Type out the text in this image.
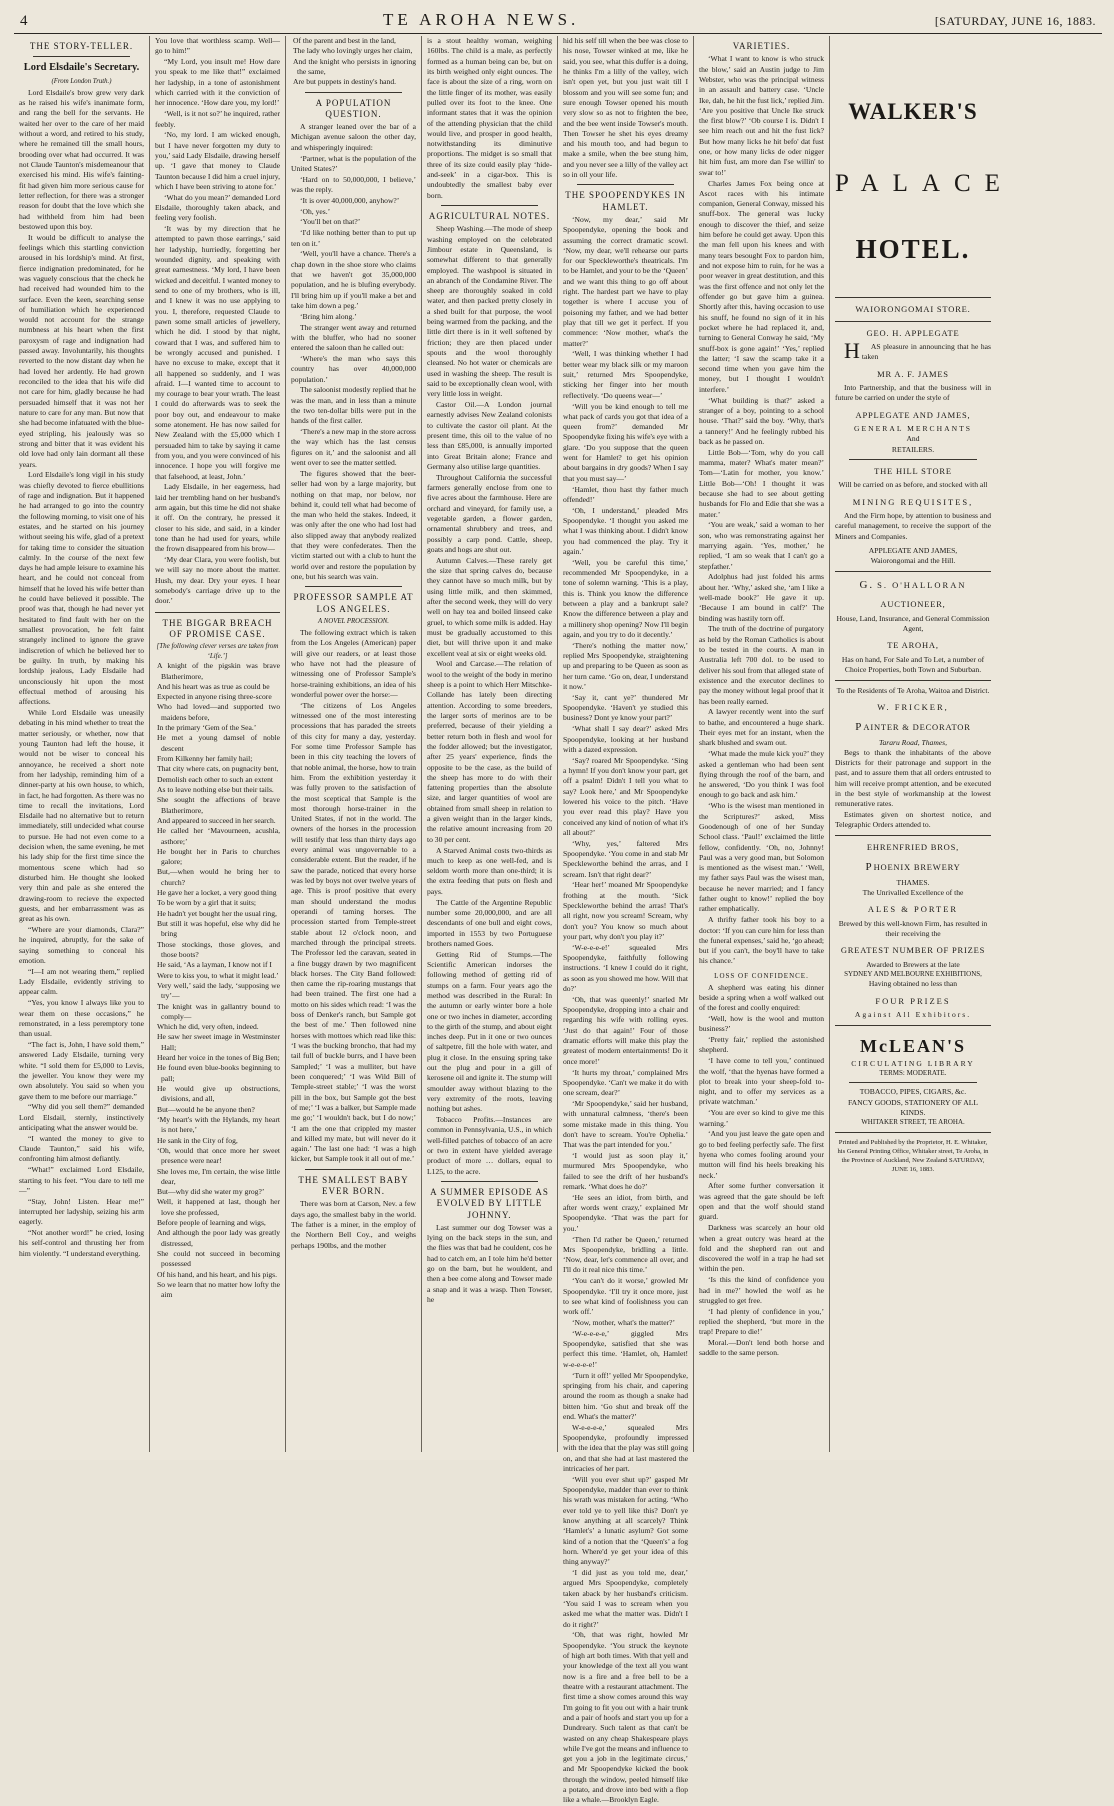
4	TE AROHA NEWS.	[SATURDAY, JUNE 16, 1883.
THE STORY-TELLER.
Lord Elsdaile's Secretary.
(From London Truth.)

Lord Elsdaile's brow grew very dark as he raised his wife's inanimate form, and rang the bell for the servants. He waited her over to the care of her maid without a word, and retired to his study, where he remained till the small hours, brooding over what had occurred. It was not Claude Taunton's misdemeanour that exercised his mind. His wife's fainting-fit had given him more serious cause for letter reflection, for there was a stronger reason for doubt that the love which she had withheld from him had been bestowed upon this boy.

It would be difficult to analyse the feelings which this startling conviction aroused in his lordship's mind. At first, fierce indignation predominated, for he was vaguely conscious that the check he had received had wounded him to the surface. Even the keen, searching sense of humiliation which he experienced would not account for the strange numbness at his heart when the first paroxysm of rage and indignation had passed away. Involuntarily, his thoughts reverted to the now distant day when he had loved her ardently. He had grown reconciled to the idea that his wife did not care for him, gladly because he had persuaded himself that it was not her nature to care for any man. But now that she had become infatuated with the blue-eyed stripling, his jealously was so strong and bitter that it was evident his old love had only lain dormant all these years.

Lord Elsdaile's long vigil in his study was chiefly devoted to fierce ebullitions of rage and indignation. But it happened he had arranged to go into the country the following morning, to visit one of his estates, and he started on his journey without seeing his wife, glad of a pretext for taking time to consider the situation calmly. In the course of the next few days he had ample leisure to examine his heart, and he could not conceal from himself that he loved his wife better than he could have believed it possible. The proof was that, though he had never yet hesitated to find fault with her on the smallest provocation, he felt faint strangely inclined to ignore the grave indiscretion of which he believed her to be guilty. In truth, by making his lordship jealous, Lady Elsdaile had unconsciously hit upon the most effectual method of arousing his affections.

While Lord Elsdaile was uneasily debating in his mind whether to treat the matter seriously, or whether, now that young Taunton had left the house, it would not be wiser to conceal his annoyance, he received a short note from her ladyship, reminding him of a dinner-party at his own house, to which, in fact, he had forgotten. As there was no time to recall the invitations, Lord Elsdaile had no alternative but to return immediately, still undecided what course to pursue. He had not even come to a decision when, the same evening, he met his lady ship for the first time since the momentous scene which had so disturbed him. He thought she looked very thin and pale as she entered the drawing-room to recieve the expected guests, and her embarrassment was as great as his own.

“Where are your diamonds, Clara?” he inquired, abruptly, for the sake of saying something to conceal his emotion.

“I—I am not wearing them,” replied Lady Elsdaile, evidently striving to appear calm.

“Yes, you know I always like you to wear them on these occasions,” he remonstrated, in a less peremptory tone than usual.

“The fact is, John, I have sold them,” answered Lady Elsdaile, turning very white. “I sold them for £5,000 to Levis, the jeweller. You know they were my own absolutely. You said so when you gave them to me before our marriage.”

“Why did you sell them?” demanded Lord Elsdail, sternly, instinctively anticipating what the answer would be.

“I wanted the money to give to Claude Taunton,” said his wife, confronting him almost defiantly.

“What!” exclaimed Lord Elsdaile, starting to his feet. “You dare to tell me—”

“Stay, John! Listen. Hear me!” interrupted her ladyship, seizing his arm eagerly.

“Not another word!” he cried, losing his self-control and thrusting her from him violently. “I understand everything.

You love that worthless scamp. Well—go to him!”

“My Lord, you insult me! How dare you speak to me like that!” exclaimed her ladyship, in a tone of astonishment which carried with it the conviction of her innocence. ‘How dare you, my lord!’

‘Well, is it not so?’ he inquired, rather feebly.

‘No, my lord. I am wicked enough, but I have never forgotten my duty to you,’ said Lady Elsdaile, drawing herself up. ‘I gave that money to Claude Taunton because I did him a cruel injury, which I have been striving to atone for.’

‘What do you mean?’ demanded Lord Elsdaile, thoroughly taken aback, and feeling very foolish.

‘It was by my direction that he attempted to pawn those earrings,’ said her ladyship, hurriedly, forgetting her wounded dignity, and speaking with great earnestness. ‘My lord, I have been wicked and deceitful. I wanted money to send to one of my brothers, who is ill, and I knew it was no use applying to you. I, therefore, requested Claude to pawn some small articles of jewellery, which he did. I stood by that night, coward that I was, and suffered him to be wrongly accused and punished. I have no excuse to make, except that it all happened so suddenly, and I was afraid. I—I wanted time to account to my courage to bear your wrath. The least I could do afterwards was to seek the poor boy out, and endeavour to make some atonement. He has now sailed for New Zealand with the £5,000 which I persuaded him to take by saying it came from you, and you were convinced of his innocence. I hope you will forgive me that falsehood, at least, John.’

Lady Elsdaile, in her eagerness, had laid her trembling hand on her husband's arm again, but this time he did not shake it off. On the contrary, he pressed it closer to his side, and said, in a kinder tone than he had used for years, while the frown disappeared from his brow—

‘My dear Clara, you were foolish, but we will say no more about the matter. Hush, my dear. Dry your eyes. I hear somebody's carriage drive up to the door.’

THE BIGGAR BREACH OF PROMISE CASE.
[The following clever verses are taken from ‘Life.’]
A knight of the pigskin was brave Blatherimore,
And his heart was as true as could be
Expected in anyone rising three-score
Who had loved—and supported two maidens before,
In the primary ‘Gem of the Sea.’
He met a young damsel of noble descent
From Kilkenny her family hail;
That city where cats, on pugnacity bent,
Demolish each other to such an extent
As to leave nothing else but their tails.
She sought the affections of brave Blatherimore,
And appeared to succeed in her search.
He called her ‘Mavourneen, acushla, asthore;’
He bought her in Paris to churches galore;
But,—when would he bring her to church?
He gave her a locket, a very good thing
To be worn by a girl that it suits;
He hadn't yet bought her the usual ring,
But still it was hopeful, else why did he bring
Those stockings, those gloves, and those boots?
He said, ‘As a layman, I know not if I
Were to kiss you, to what it might lead.’
Very well,’ said the lady, ‘supposing we try’—
The knight was in gallantry bound to comply—
Which he did, very often, indeed.
He saw her sweet image in Westminster Hall;
Heard her voice in the tones of Big Ben;
He found even blue-books beginning to pall;
He would give up obstructions, divisions, and all,
But—would he be anyone then?
‘My heart's with the Hylands, my heart is not here,’
He sank in the City of fog,
‘Oh, would that once more her sweet presence were near!
She loves me, I'm certain, the wise little dear,
But—why did she water my grog?’
Well, it happened at last, though her love she professed,
Before people of learning and wigs,
And although the poor lady was greatly distressed,
She could not succeed in becoming possessed
Of his hand, and his heart, and his pigs.
So we learn that no matter how lofty the aim
Of the parent and best in the land,
The lady who lovingly urges her claim,
And the knight who persists in ignoring the same,
Are but puppets in destiny's hand.
A POPULATION QUESTION.

A stranger leaned over the bar of a Michigan avenue saloon the other day, and whisperingly inquired:

‘Partner, what is the population of the United States?’

‘Hard on to 50,000,000, I believe,’ was the reply.

‘It is over 40,000,000, anyhow?’

‘Oh, yes.’

‘You'll bet on that?’

‘I'd like nothing better than to put up ten on it.’

‘Well, you'll have a chance. There's a chap down in the shoe store who claims that we haven't got 35,000,000 population, and he is blufing everybody. I'll bring him up if you'll make a bet and take him down a peg.’

‘Bring him along.’

The stranger went away and returned with the bluffer, who had no sooner entered the saloon than he called out:

‘Where's the man who says this country has over 40,000,000 population.’

The saloonist modestly replied that he was the man, and in less than a minute the two ten-dollar bills were put in the hands of the first caller.

‘There's a new map in the store across the way which has the last census figures on it,’ and the saloonist and all went over to see the matter settled.

The figures showed that the beer-seller had won by a large majority, but nothing on that map, nor below, nor behind it, could tell what had become of the man who held the stakes. Indeed, it was only after the one who had lost had also slipped away that anybody realized that they were confederates. Then the victim started out with a club to hunt the world over and restore the population by one, but his search was vain.

PROFESSOR SAMPLE AT LOS ANGELES.
A NOVEL PROCESSION.

The following extract which is taken from the Los Angeles (American) paper will give our readers, or at least those who have not had the pleasure of witnessing one of Professor Sample's horse-training exhibitions, an idea of his wonderful power over the horse:—

‘The citizens of Los Angeles witnessed one of the most interesting processions that has paraded the streets of this city for many a day, yesterday. For some time Professor Sample has been in this city teaching the lovers of that noble animal, the horse, how to train him. From the exhibition yesterday it was fully proven to the satisfaction of the most sceptical that Sample is the most thorough horse-trainer in the United States, if not in the world. The owners of the horses in the procession will testify that less than thirty days ago every animal was ungovernable to a considerable extent. But the reader, if he saw the parade, noticed that every horse was led by boys not over twelve years of age. This is proof positive that every man should understand the modus operandi of taming horses. The procession started from Temple-street stable about 12 o'clock noon, and marched through the principal streets. The Professor led the caravan, seated in a fine buggy drawn by two magnificent black horses. The City Band followed: then came the rip-roaring mustangs that had been trained. The first one had a motto on his sides which read: ‘I was the boss of Denker's ranch, but Sample got the best of me.’ Then followed nine horses with mottoes which read like this: ‘I was the bucking broncho, that had my tail full of buckle burrs, and I have been Sampled;’ ‘I was a mulliter, but have been conquered;’ ‘I was Wild Bill of Temple-street stable;’ ‘I was the worst pill in the box, but Sample got the best of me;’ ‘I was a balker, but Sample made me go;’ ‘I wouldn't back, but I do now;’ ‘I am the one that crippled my master and killed my mate, but will never do it again.’ The last one had: ‘I was a high kicker, but Sample took it all out of me.’

THE SMALLEST BABY EVER BORN.

There was born at Carson, Nev. a few days ago, the smallest baby in the world. The father is a miner, in the employ of the Northern Bell Coy., and weighs perhaps 190lbs, and the mother

is a stout healthy woman, weighing 160lbs. The child is a male, as perfectly formed as a human being can be, but on its birth weighed only eight ounces. The face is about the size of a ring, worn on the little finger of its mother, was easily pulled over its foot to the knee. One informant states that it was the opinion of the attending physician that the child would live, and prosper in good health, notwithstanding its diminutive proportions. The midget is so small that three of its size could easily play ‘hide-and-seek’ in a cigar-box. This is undoubtedly the smallest baby ever born.

AGRICULTURAL NOTES.

Sheep Washing.—The mode of sheep washing employed on the celebrated Jimbour estate in Queensland, is somewhat different to that generally employed. The washpool is situated in an abranch of the Condamine River. The sheep are thoroughly soaked in cold water, and then packed pretty closely in a shed built for that purpose, the wool being warmed from the packing, and the little dirt there is in it well softened by friction; they are then placed under spouts and the wool thoroughly cleansed. No hot water or chemicals are used in washing the sheep. The result is said to be exceptionally clean wool, with very little loss in weight.

Castor Oil.—A London journal earnestly advises New Zealand colonists to cultivate the castor oil plant. At the present time, this oil to the value of no less than £85,000, is annually imported into Great Britain alone; France and Germany also utilise large quantities.

Throughout California the successful farmers generally enclose from one to five acres about the farmhouse. Here are orchard and vineyard, for family use, a vegetable garden, a flower garden, ornamental shrubbery and trees, and possibly a carp pond. Cattle, sheep, goats and hogs are shut out.

Autumn Calves.—These rarely get the size that spring calves do, because they cannot have so much milk, but by using little milk, and then skimmed, after the second week, they will do very well on hay tea and boiled linseed cake gruel, to which some milk is added. Hay must be gradually accustomed to this diet, but will thrive upon it and make excellent veal at six or eight weeks old.

Wool and Carcase.—The relation of wool to the weight of the body in merino sheep is a point to which Herr Mitschke-Collande has lately been directing attention. According to some breeders, the larger sorts of merinos are to be preferred, because of their yielding a better return both in flesh and wool for the fodder allowed; but the investigator, after 25 years' experience, finds the opposite to be the case, as the build of the sheep has more to do with their fattening properties than the absolute size, and larger quantities of wool are obtained from small sheep in relation to a given weight than in the larger kinds, the relative amount increasing from 20 to 30 per cent.

A Starved Animal costs two-thirds as much to keep as one well-fed, and is seldom worth more than one-third; it is the extra feeding that puts on flesh and pays.

The Cattle of the Argentine Republic number some 20,000,000, and are all descendants of one bull and eight cows, imported in 1553 by two Portuguese brothers named Goes.

Getting Rid of Stumps.—The Scientific American indorses the following method of getting rid of stumps on a farm. Four years ago the method was described in the Rural: In the autumn or early winter bore a hole one or two inches in diameter, according to the girth of the stump, and about eight inches deep. Put in it one or two ounces of saltpetre, fill the hole with water, and plug it close. In the ensuing spring take out the plug and pour in a gill of kerosene oil and ignite it. The stump will smoulder away without blazing to the very extremity of the roots, leaving nothing but ashes.

Tobacco Profits.—Instances are common in Pennsylvania, U.S., in which well-filled patches of tobacco of an acre or two in extent have yielded average product of more … dollars, equal to L125, to the acre.

A SUMMER EPISODE AS EVOLVED BY LITTLE JOHNNY.

Last summer our dog Towser was a lying on the back steps in the sun, and the flies was that bad he couldent, cos he had to catch em, an I tole him he'd better go on the barn, but he wouldent, and then a bee come along and Towser made a snap and it was a wasp. Then Towser, he

hid his self till when the bee was close to his nose, Towser winked at me, like he said, you see, what this duffer is a doing, he thinks I'm a lilly of the valley, wich isn't open yet, but you just wait till I blossom and you will see some fun; and sure enough Towser opened his mouth very slow so as not to frighten the bee, and the bee went inside Towser's mouth. Then Towser he shet his eyes dreamy and his mouth too, and had begun to make a smile, when the bee stung him, and you never see a lilly of the valley act so in oll your life.

THE SPOOPENDYKES IN HAMLET.

‘Now, my dear,’ said Mr Spoopendyke, opening the book and assuming the correct dramatic scowl. ‘Now, my dear, we'll rehearse our parts for our Speckleworthe's theatricals. I'm to be Hamlet, and your to be the ‘Queen’ and we want this thing to go off about right. The hardest part we have to play together is where I accuse you of poisoning my father, and we had better play that till we get it perfect. If you commence: ‘Now mother, what's the matter?’

‘Well, I was thinking whether I had better wear my black silk or my maroon suit,’ returned Mrs Spoopendyke, sticking her finger into her mouth reflectively. ‘Do queens wear—’

‘Will you be kind enough to tell me what pack of cards you got that idea of a queen from?’ demanded Mr Spoopendyke fixing his wife's eye with a glare. ‘Do you suppose that the queen went for Hamlet? to get his opinion about bargains in dry goods? When I say that you must say—’

‘Hamlet, thou hast thy father much offended!’

‘Oh, I understand,’ pleaded Mrs Spoopendyke. ‘I thought you asked me what I was thinking about. I didn't know you had commenced the play. Try it again.’

‘Well, you be careful this time,’ recommended Mr Spoopendyke, in a tone of solemn warning. ‘This is a play, this is. Think you know the difference between a play and a bankrupt sale? Know the difference between a play and a millinery shop opening? Now I'll begin again, and you try to do it decently.’

‘There's nothing the matter now,’ replied Mrs Spoopendyke, straightening up and preparing to be Queen as soon as her turn came. ‘Go on, dear, I understand it now.’

‘Say it, cant ye?’ thundered Mr Spoopendyke. ‘Haven't ye studied this business? Dont ye know your part?’

‘What shall I say dear?’ asked Mrs Spoopendyke, looking at her husband with a dazed expression.

‘Say? roared Mr Spoopendyke. ‘Sing a hymn! If you don't know your part, get off a psalm! Didn't I tell you what to say? Look here,’ and Mr Spoopendyke lowered his voice to the pitch. ‘Have you ever read this play? Have you conceived any kind of notion of what it's all about?’

‘Why, yes,’ faltered Mrs Spoopendyke. ‘You come in and stab Mr Speckleworthe behind the arras, and I scream. Isn't that right dear?’

‘Hear her!’ moaned Mr Spoopendyke frothing at the mouth. ‘Sick Speckleworthe behind the arras! That's all right, now you scream! Scream, why don't you? You know so much about your part, why don't you play it?’

‘W-e-e-e-e!’ squealed Mrs Spoopendyke, faithfully following instructions. ‘I knew I could do it right, as soon as you showed me how. Will that do?’

‘Oh, that was queenly!’ snarled Mr Spoopendyke, dropping into a chair and regarding his wife with rolling eyes. ‘Just do that again!’ Four of those dramatic efforts will make this play the greatest of modern entertainments! Do it once more!’

‘It hurts my throat,’ complained Mrs Spoopendyke. ‘Can't we make it do with one scream, dear?’

‘Mr Spoopendyke,’ said her husband, with unnatural calmness, ‘there's been some mistake made in this thing. You don't have to scream. You're Ophelia.’ That was the part intended for you.’

‘I would just as soon play it,’ murmured Mrs Spoopendyke, who failed to see the drift of her husband's remark. ‘What does he do?’

‘He sees an idiot, from birth, and after words went crazy,’ explained Mr Spoopendyke. ‘That was the part for you.’

‘Then I'd rather be Queen,’ returned Mrs Spoopendyke, bridling a little. ‘Now, dear, let's commence all over, and I'll do it real nice this time.’

‘You can't do it worse,’ growled Mr Spoopendyke. ‘I'll try it once more, just to see what kind of foolishness you can work off.’

‘Now, mother, what's the matter?’

‘W-e-e-e-e,’ giggled Mrs Spoopendyke, satisfied that she was perfect this time. ‘Hamlet, oh, Hamlet! w-e-e-e-e!’

‘Turn it off!’ yelled Mr Spoopendyke, springing from his chair, and capering around the room as though a snake had bitten him. ‘Go shut and break off the end. What's the matter?’

W-e-e-e-e,’ squealed Mrs Spoopendyke, profoundly impressed with the idea that the play was still going on, and that she had at last mastered the intricacies of her part.

‘Will you ever shut up?’ gasped Mr Spoopendyke, madder than ever to think his wrath was mistaken for acting. ‘Who ever told ye to yell like this? Don't ye know anything at all scarcely? Think ‘Hamlet's’ a lunatic asylum? Got some kind of a notion that the ‘Queen's’ a fog horn. Where'd ye get your idea of this thing anyway?’

‘I did just as you told me, dear,’ argued Mrs Spoopendyke, completely taken aback by her husband's criticism. ‘You said I was to scream when you asked me what the matter was. Didn't I do it right?’

‘Oh, that was right, howled Mr Spoopendyke. ‘You struck the keynote of high art both times. With that yell and your knowledge of the text all you want now is a fire and a free bell to be a theatre with a restaurant attachment. The first time a show comes around this way I'm going to fit you out with a hair trunk and a pair of hoofs and start you up for a Dundreary. Such talent as that can't be wasted on any cheap Shakespeare plays while I've got the means and influence to get you a job in the legitimate circus,’ and Mr Spoopendyke kicked the book through the window, peeled himself like a potato, and drove into bed with a flop like a whale.—Brooklyn Eagle.

VARIETIES.

‘What I want to know is who struck the blow,’ said an Austin judge to Jim Webster, who was the principal witness in an assault and battery case. ‘Uncle Ike, dah, he hit the fust lick,’ replied Jim. ‘Are you positive that Uncle Ike struck the first blow?’ ‘Ob course I is. Didn't I see him reach out and hit the fust lick? But how many licks he hit befo' dat fust one, or how many licks de oder nigger hit him fust, am more dan I'se willin' to swar to!’

Charles James Fox being once at Ascot races with his intimate companion, General Conway, missed his snuff-box. The general was lucky enough to discover the thief, and seize him before he could get away. Upon this the man fell upon his knees and with many tears besought Fox to pardon him, and not expose him to ruin, for he was a poor weaver in great destitution, and this was the first offence and not only let the offender go but gave him a guinea. Shortly after this, having occasion to use his snuff, he found no sign of it in his pocket where he had replaced it, and, turning to General Conway he said, ‘My snuff-box is gone again!’ ‘Yes,’ replied the latter; ‘I saw the scamp take it a second time when you gave him the money, but I thought I wouldn't interfere.’

‘What building is that?’ asked a stranger of a boy, pointing to a school house. ‘That?’ said the boy. ‘Why, that's a tannery!’ And he feelingly rubbed his back as he passed on.

Little Bob—‘Tom, why do you call mamma, mater? What's mater mean?’ Tom—‘Latin for mother, you know.’ Little Bob—‘Oh! I thought it was because she had to see about getting husbands for Flo and Edie that she was a mater.’

‘You are weak,’ said a woman to her son, who was remonstrating against her marrying again. ‘Yes, mother,’ he replied, ‘I am so weak that I can't go a stepfather.’

Adolphus had just folded his arms about her. ‘Why,’ asked she, ‘am I like a well-made book?’ He gave it up. ‘Because I am bound in calf?’ The binding was hastily torn off.

The truth of the doctrine of purgatory as held by the Roman Catholics is about to be tested in the courts. A man in Australia left 700 dol. to be used to deliver his soul from that alleged state of existence and the executor declines to pay the money without legal proof that it has been really earned.

A lawyer recently went into the surf to bathe, and encountered a huge shark. Their eyes met for an instant, when the shark blushed and swam out.

‘What made the mule kick you?’ they asked a gentleman who had been sent flying through the roof of the barn, and he answered, ‘Do you think I was fool enough to go back and ask him.’

‘Who is the wisest man mentioned in the Scriptures?’ asked, Miss Goodenough of one of her Sunday School class. ‘Paul!’ exclaimed the little fellow, confidently. ‘Oh, no, Johnny! Paul was a very good man, but Solomon is mentioned as the wisest man.’ ‘Well, my father says Paul was the wisest man, because he never married; and I fancy father ought to know!’ replied the boy rather emphatically.

A thrifty father took his boy to a doctor: ‘If you can cure him for less than the funeral expenses,’ said he, ‘go ahead; but if you can't, the boy'll have to take his chance.’

LOSS OF CONFIDENCE.

A shepherd was eating his dinner beside a spring when a wolf walked out of the forest and coolly enquired:

‘Well, how is the wool and mutton business?’

‘Pretty fair,’ replied the astonished shepherd.

‘I have come to tell you,’ continued the wolf, ‘that the hyenas have formed a plot to break into your sheep-fold to-night, and to offer my services as a private watchman.’

‘You are ever so kind to give me this warning.’

‘And you just leave the gate open and go to bed feeling perfectly safe. The first hyena who comes fooling around your mutton will find his heels breaking his neck.’

After some further conversation it was agreed that the gate should be left open and that the wolf should stand guard.

Darkness was scarcely an hour old when a great outcry was heard at the fold and the shepherd ran out and discovered the wolf in a trap he had set within the pen.

‘Is this the kind of confidence you had in me?’ howled the wolf as he struggled to get free.

‘I had plenty of confidence in you,’ replied the shepherd, ‘but more in the trap! Prepare to die!’

Moral.—Don't lend both horse and saddle to the same person.

WALKER'S
PALACE
HOTEL.
WAIORONGOMAI STORE.
GEO. H. APPLEGATE

H AS pleasure in announcing that he has taken

MR A. F. JAMES

Into Partnership, and that the business will in future be carried on under the style of

APPLEGATE AND JAMES,
GENERAL MERCHANTS
And
RETAILERS.
THE HILL STORE
Will be carried on as before, and stocked with all
MINING REQUISITES,

And the Firm hope, by attention to business and careful management, to receive the support of the Miners and Companies.

APPLEGATE AND JAMES,
Waiorongomai and the Hill.
G. S. O'HALLORAN
AUCTIONEER,
House, Land, Insurance, and General Commission Agent,
TE AROHA,
Has on hand, For Sale and To Let, a number of Choice Properties, both Town and Suburban.
To the Residents of Te Aroha, Waitoa and District.
W. FRICKER,
PAINTER & DECORATOR
Tararu Road, Thames,

Begs to thank the inhabitants of the above Districts for their patronage and support in the past, and to assure them that all orders entrusted to him will receive prompt attention, and be executed in the best style of workmanship at the lowest remunerative rates.

Estimates given on shortest notice, and Telegraphic Orders attended to.

EHRENFRIED BROS,
PHOENIX BREWERY
THAMES.
The Unrivalled Excellence of the
ALES & PORTER
Brewed by this well-known Firm, has resulted in their receiving the
GREATEST NUMBER OF PRIZES
Awarded to Brewers at the late
SYDNEY AND MELBOURNE EXHIBITIONS,
Having obtained no less than
FOUR PRIZES
Against All Exhibitors.
McLEAN'S
CIRCULATING LIBRARY
TERMS: MODERATE.
TOBACCO, PIPES, CIGARS, &c.
FANCY GOODS, STATIONERY OF ALL KINDS.
WHITAKER STREET, TE AROHA.
Printed and Published by the Proprietor, H. E. Whitaker, his General Printing Office, Whitaker street, Te Aroha, in the Province of Auckland, New Zealand SATURDAY, JUNE 16, 1883.
